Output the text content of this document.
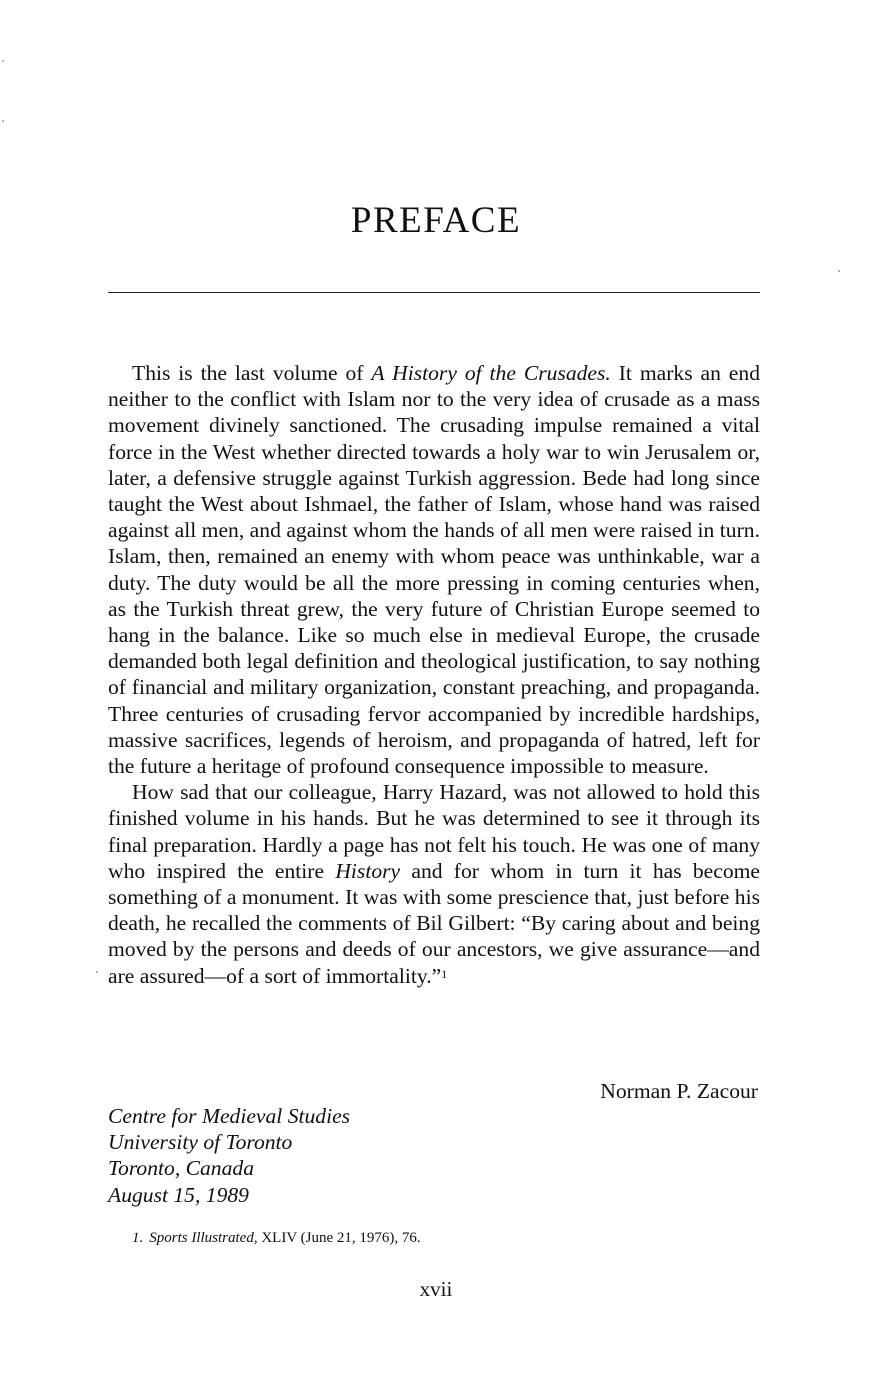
PREFACE

This is the last volume of A History of the Crusades. It marks an end neither to the conflict with Islam nor to the very idea of crusade as a mass movement divinely sanctioned. The crusading impulse remained a vital force in the West whether directed towards a holy war to win Jerusalem or, later, a defensive struggle against Turkish aggression. Bede had long since taught the West about Ishmael, the father of Islam, whose hand was raised against all men, and against whom the hands of all men were raised in turn. Islam, then, remained an enemy with whom peace was unthinkable, war a duty. The duty would be all the more pressing in coming centuries when, as the Turkish threat grew, the very future of Christian Europe seemed to hang in the balance. Like so much else in medieval Europe, the crusade demanded both legal definition and theological justification, to say nothing of financial and military organization, constant preaching, and propaganda. Three centuries of crusading fervor accompanied by incredible hardships, massive sacrifices, legends of heroism, and propaganda of hatred, left for the future a heritage of profound consequence impossible to measure.

How sad that our colleague, Harry Hazard, was not allowed to hold this finished volume in his hands. But he was determined to see it through its final preparation. Hardly a page has not felt his touch. He was one of many who inspired the entire History and for whom in turn it has become something of a monument. It was with some prescience that, just before his death, he recalled the comments of Bil Gilbert: “By caring about and being moved by the persons and deeds of our ancestors, we give assurance—and are assured—of a sort of immortality.”$^1$

Norman P. Zacour
Centre for Medieval Studies
University of Toronto
Toronto, Canada
August 15, 1989
1. Sports Illustrated, XLIV (June 21, 1976), 76.
xvii
